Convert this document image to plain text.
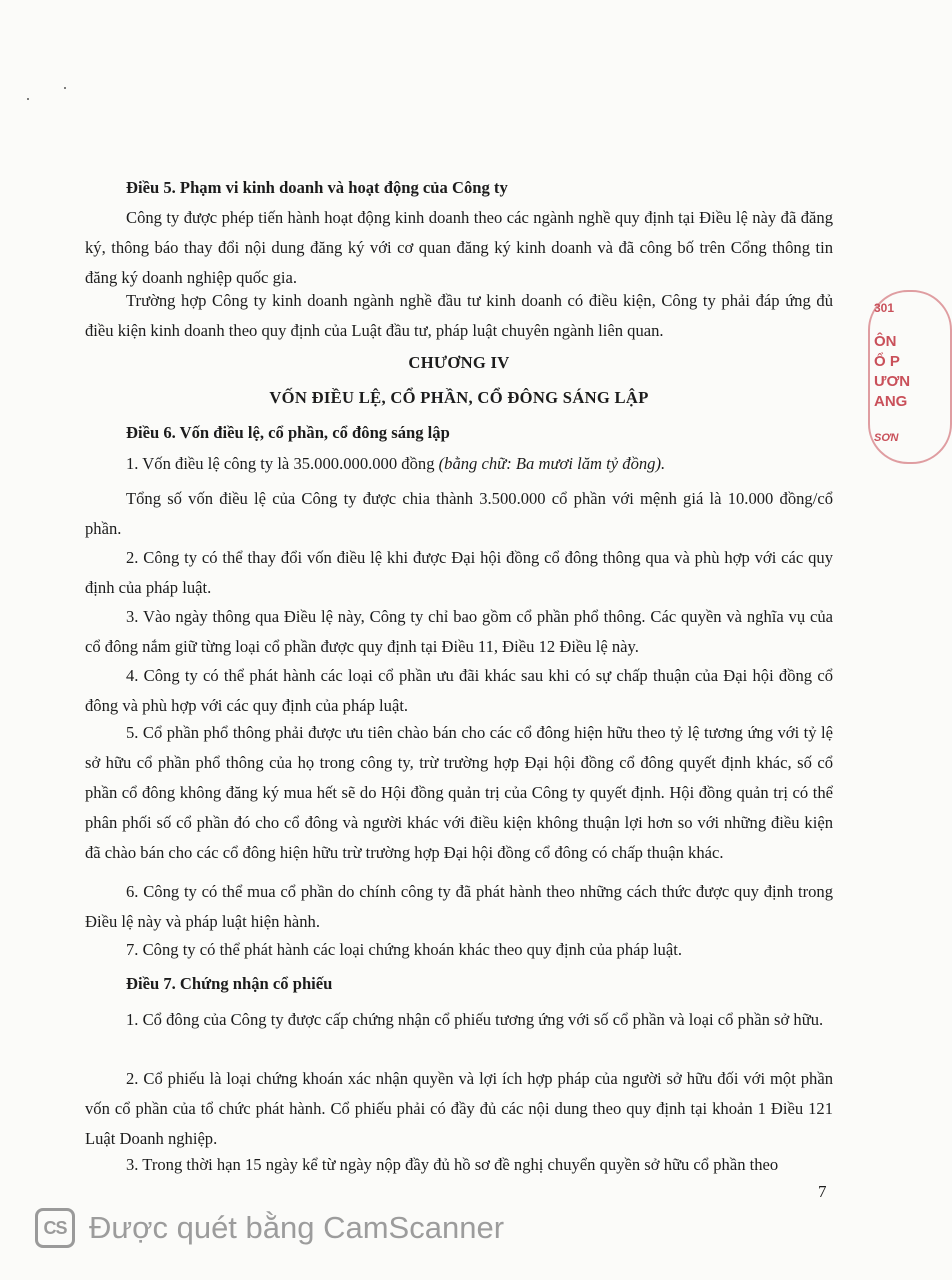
Điều 5. Phạm vi kinh doanh và hoạt động của Công ty

Công ty được phép tiến hành hoạt động kinh doanh theo các ngành nghề quy định tại Điều lệ này đã đăng ký, thông báo thay đổi nội dung đăng ký với cơ quan đăng ký kinh doanh và đã công bố trên Cổng thông tin đăng ký doanh nghiệp quốc gia.

Trường hợp Công ty kinh doanh ngành nghề đầu tư kinh doanh có điều kiện, Công ty phải đáp ứng đủ điều kiện kinh doanh theo quy định của Luật đầu tư, pháp luật chuyên ngành liên quan.

CHƯƠNG IV
VỐN ĐIỀU LỆ, CỔ PHẦN, CỔ ĐÔNG SÁNG LẬP
Điều 6. Vốn điều lệ, cổ phần, cổ đông sáng lập

1. Vốn điều lệ công ty là 35.000.000.000 đồng (bằng chữ: Ba mươi lăm tỷ đồng).

Tổng số vốn điều lệ của Công ty được chia thành 3.500.000 cổ phần với mệnh giá là 10.000 đồng/cổ phần.

2. Công ty có thể thay đổi vốn điều lệ khi được Đại hội đồng cổ đông thông qua và phù hợp với các quy định của pháp luật.

3. Vào ngày thông qua Điều lệ này, Công ty chỉ bao gồm cổ phần phổ thông. Các quyền và nghĩa vụ của cổ đông nắm giữ từng loại cổ phần được quy định tại Điều 11, Điều 12 Điều lệ này.

4. Công ty có thể phát hành các loại cổ phần ưu đãi khác sau khi có sự chấp thuận của Đại hội đồng cổ đông và phù hợp với các quy định của pháp luật.

5. Cổ phần phổ thông phải được ưu tiên chào bán cho các cổ đông hiện hữu theo tỷ lệ tương ứng với tỷ lệ sở hữu cổ phần phổ thông của họ trong công ty, trừ trường hợp Đại hội đồng cổ đông quyết định khác, số cổ phần cổ đông không đăng ký mua hết sẽ do Hội đồng quản trị của Công ty quyết định. Hội đồng quản trị có thể phân phối số cổ phần đó cho cổ đông và người khác với điều kiện không thuận lợi hơn so với những điều kiện đã chào bán cho các cổ đông hiện hữu trừ trường hợp Đại hội đồng cổ đông có chấp thuận khác.

6. Công ty có thể mua cổ phần do chính công ty đã phát hành theo những cách thức được quy định trong Điều lệ này và pháp luật hiện hành.

7. Công ty có thể phát hành các loại chứng khoán khác theo quy định của pháp luật.

Điều 7. Chứng nhận cổ phiếu

1. Cổ đông của Công ty được cấp chứng nhận cổ phiếu tương ứng với số cổ phần và loại cổ phần sở hữu.

2. Cổ phiếu là loại chứng khoán xác nhận quyền và lợi ích hợp pháp của người sở hữu đối với một phần vốn cổ phần của tổ chức phát hành. Cổ phiếu phải có đầy đủ các nội dung theo quy định tại khoản 1 Điều 121 Luật Doanh nghiệp.

3. Trong thời hạn 15 ngày kể từ ngày nộp đầy đủ hồ sơ đề nghị chuyển quyền sở hữu cổ phần theo

7
301
ÔN
Ổ P
ƯƠN
ANG
SƠN
CS Được quét bằng CamScanner
